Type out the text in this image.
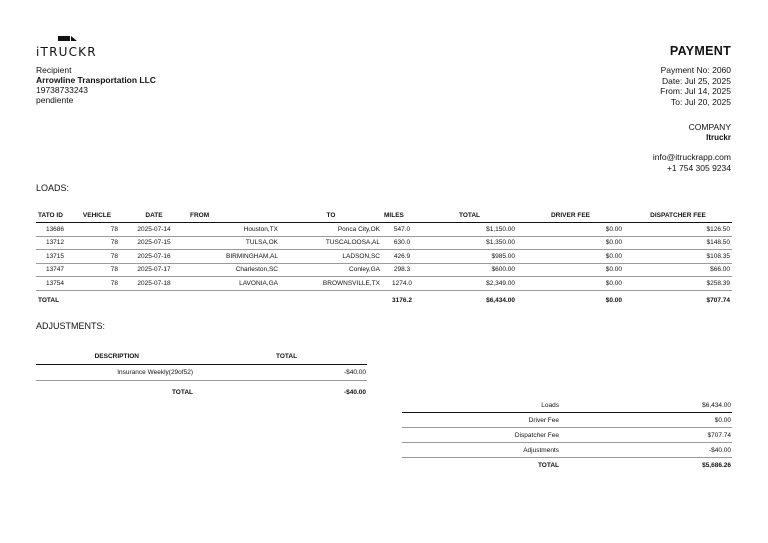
iTRUCKR
Recipient
Arrowline Transportation LLC
19738733243
pendiente
PAYMENT
Payment No: 2060
Date: Jul 25, 2025
From: Jul 14, 2025
To: Jul 20, 2025
COMPANY
Itruckr
info@itruckrapp.com
+1 754 305 9234
LOADS:
TATO ID	VEHICLE	DATE	FROM	TO	MILES	TOTAL	DRIVER FEE	DISPATCHER FEE
13686	78	2025-07-14	Houston,TX	Ponca City,OK	547.0	$1,150.00	$0.00	$126.50
13712	78	2025-07-15	TULSA,OK	TUSCALOOSA,AL	630.0	$1,350.00	$0.00	$148.50
13715	78	2025-07-16	BIRMINGHAM,AL	LADSON,SC	426.9	$985.00	$0.00	$108.35
13747	78	2025-07-17	Charleston,SC	Conley,GA	298.3	$600.00	$0.00	$66.00
13754	78	2025-07-18	LAVONIA,GA	BROWNSVILLE,TX	1274.0	$2,349.00	$0.00	$258.39
TOTAL					3176.2	$6,434.00	$0.00	$707.74
ADJUSTMENTS:
DESCRIPTION	TOTAL
Insurance Weekly(29of52)	-$40.00
TOTAL	-$40.00
Loads	$6,434.00
Driver Fee	$0.00
Dispatcher Fee	$707.74
Adjustments	-$40.00
TOTAL	$5,686.26
